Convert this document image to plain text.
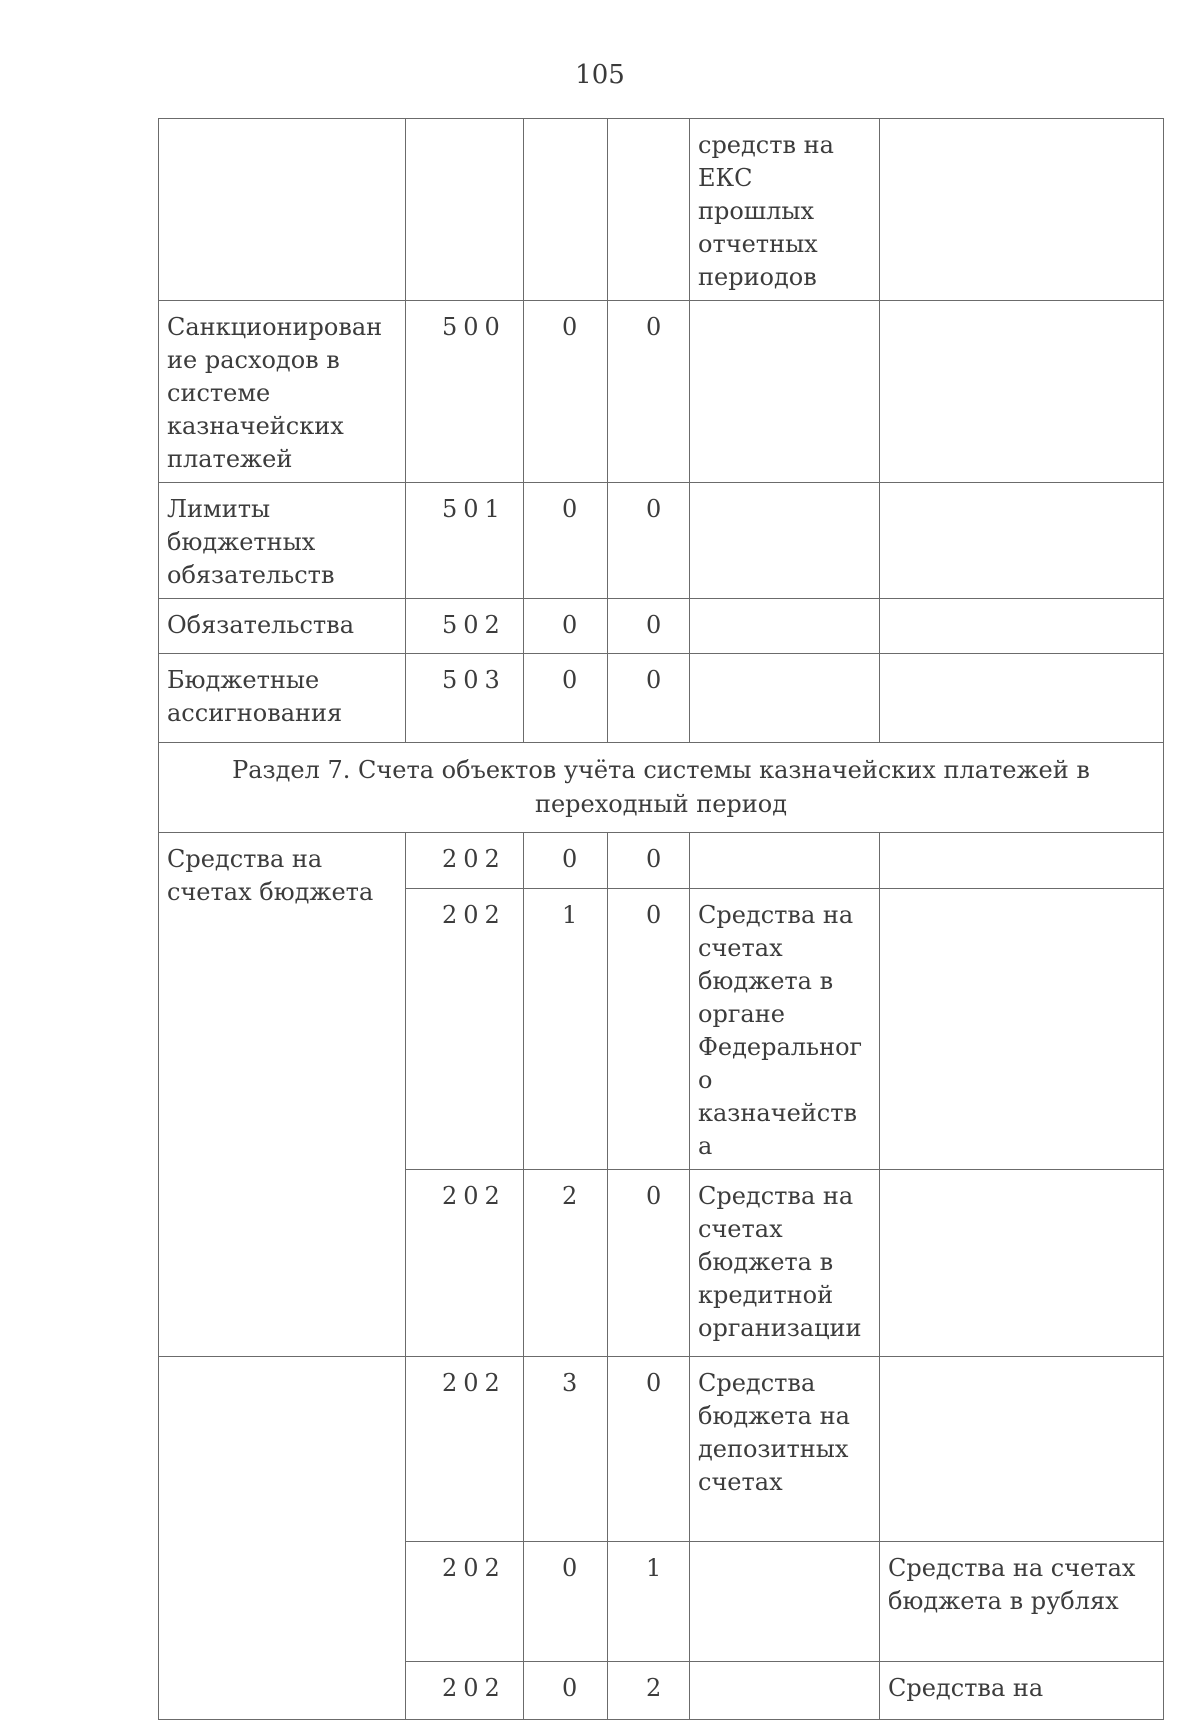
105
				средств на ЕКС прошлых отчетных периодов	
Санкционирование расходов в системе казначейских платежей	500	0	0		
Лимиты бюджетных обязательств	501	0	0		
Обязательства	502	0	0		
Бюджетные ассигнования	503	0	0		
Раздел 7. Счета объектов учёта системы казначейских платежей в переходный период					
Средства на счетах бюджета	202	0	0		
	202	1	0	Средства на счетах бюджета в органе Федерального казначейства	
	202	2	0	Средства на счетах бюджета в кредитной организации	
	202	3	0	Средства бюджета на депозитных счетах	
	202	0	1		Средства на счетах бюджета в рублях
	202	0	2		Средства на
